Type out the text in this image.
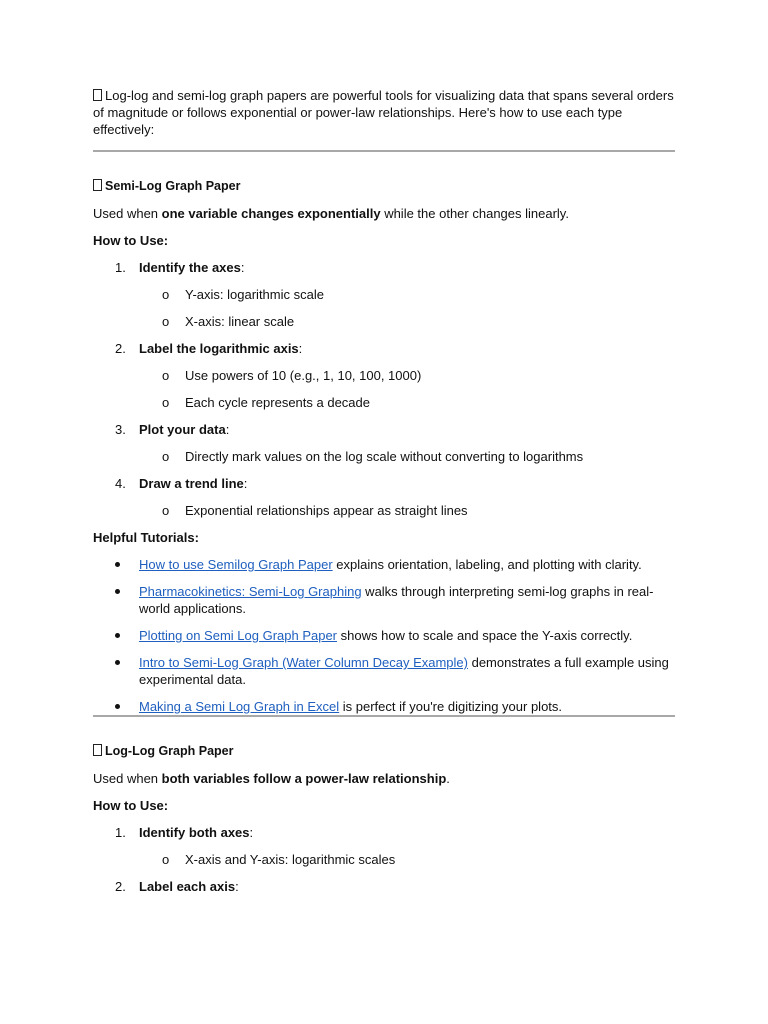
Log-log and semi-log graph papers are powerful tools for visualizing data that spans several orders of magnitude or follows exponential or power-law relationships. Here's how to use each type effectively:

Semi-Log Graph Paper

Used when one variable changes exponentially while the other changes linearly.

How to Use:

1. Identify the axes:
o Y-axis: logarithmic scale
o X-axis: linear scale
2. Label the logarithmic axis:
o Use powers of 10 (e.g., 1, 10, 100, 1000)
o Each cycle represents a decade
3. Plot your data:
o Directly mark values on the log scale without converting to logarithms
4. Draw a trend line:
o Exponential relationships appear as straight lines

Helpful Tutorials:

How to use Semilog Graph Paper explains orientation, labeling, and plotting with clarity.
Pharmacokinetics: Semi-Log Graphing walks through interpreting semi-log graphs in real-world applications.
Plotting on Semi Log Graph Paper shows how to scale and space the Y-axis correctly.
Intro to Semi-Log Graph (Water Column Decay Example) demonstrates a full example using experimental data.
Making a Semi Log Graph in Excel is perfect if you're digitizing your plots.

Log-Log Graph Paper

Used when both variables follow a power-law relationship.

How to Use:

1. Identify both axes:
o X-axis and Y-axis: logarithmic scales
2. Label each axis:
